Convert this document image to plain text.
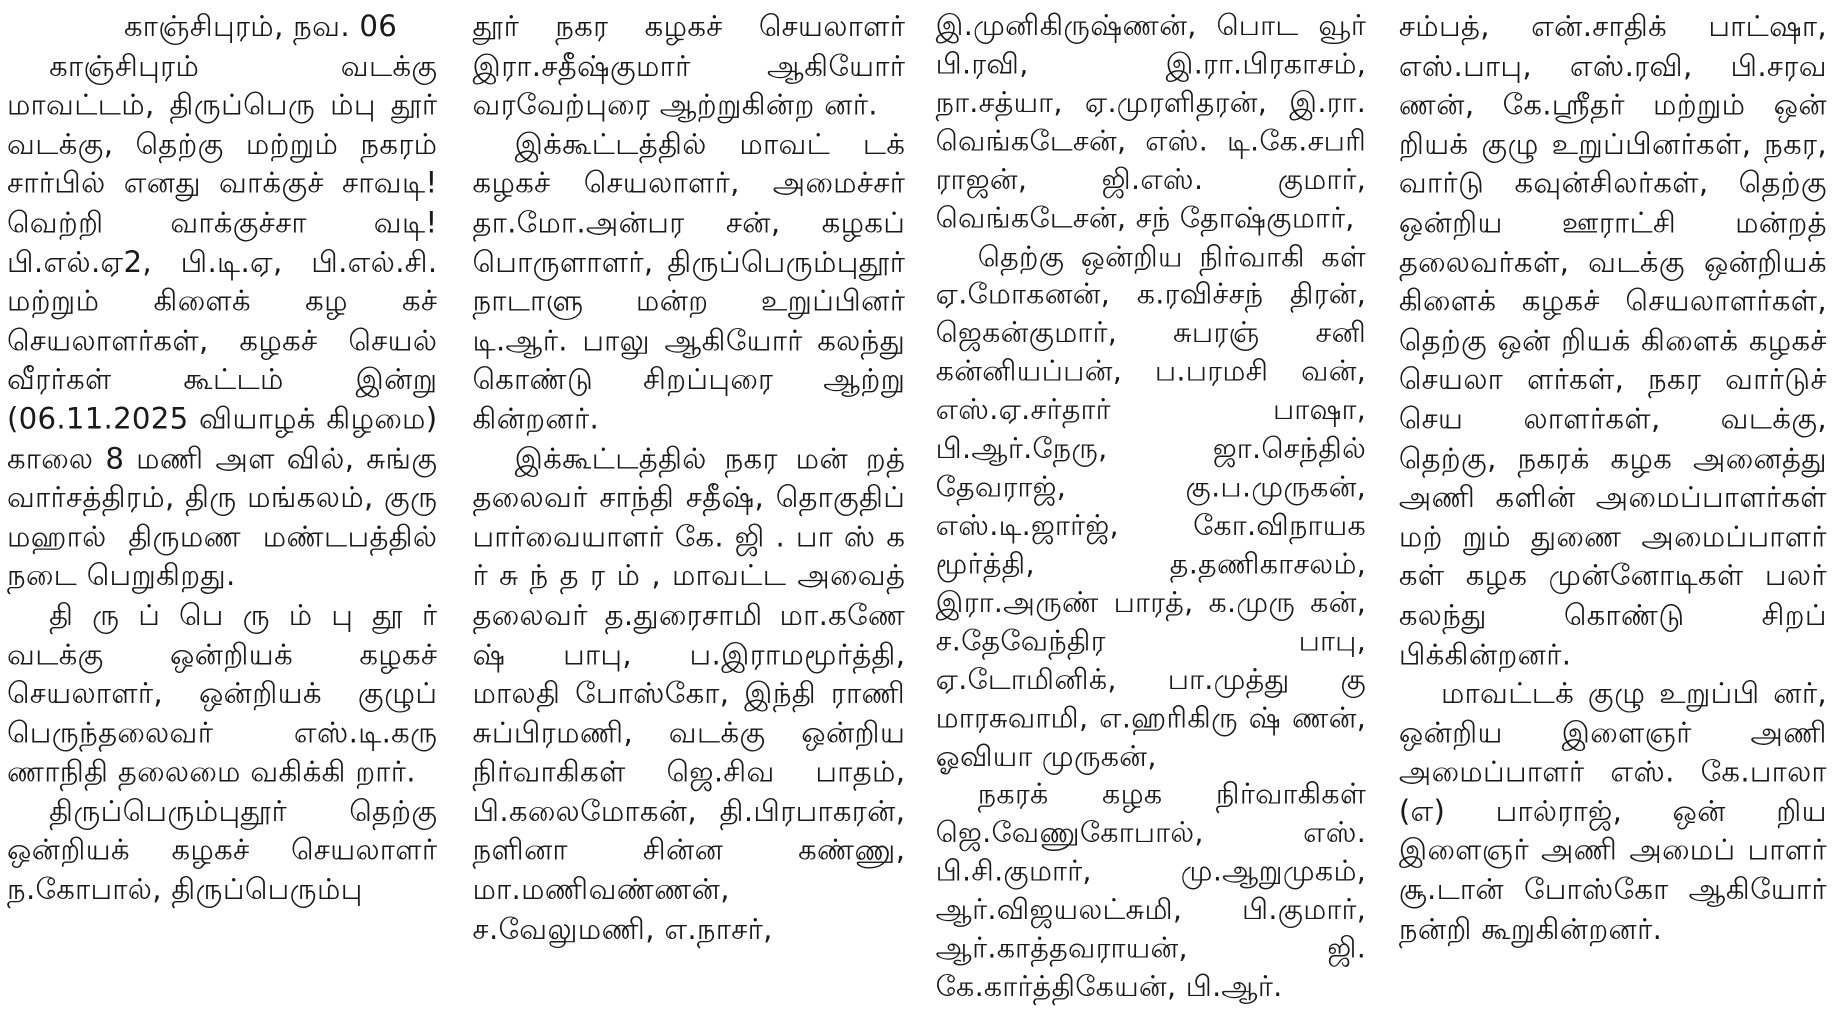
காஞ்சிபுரம், நவ. 06

காஞ்சிபுரம் வடக்கு மாவட்டம், திருப்பெரு ம்பு தூர் வடக்கு, தெற்கு மற்றும் நகரம் சார்பில் எனது வாக்குச் சாவடி! வெற்றி வாக்குச்சா வடி! பி.எல்.ஏ2, பி.டி.ஏ, பி.எல்.சி. மற்றும் கிளைக் கழ கச் செயலாளர்கள், கழகச் செயல் வீரர்கள் கூட்டம் இன்று (06.11.2025 வியாழக் கிழமை) காலை 8 மணி அள வில், சுங்கு வார்சத்திரம், திரு மங்கலம், குரு மஹால் திருமண மண்டபத்தில் நடை பெறுகிறது.

தி ரு ப் பெ ரு ம் பு தூ ர் வடக்கு ஒன்றியக் கழகச் செயலாளர், ஒன்றியக் குழுப் பெருந்தலைவர் எஸ்.டி.கரு ணாநிதி தலைமை வகிக்கி றார்.

திருப்பெரும்புதூர் தெற்கு ஒன்றியக் கழகச் செயலாளர் ந.கோபால், திருப்பெரும்பு

தூர் நகர கழகச் செயலாளர் இரா.சதீஷ்குமார் ஆகியோர் வரவேற்புரை ஆற்றுகின்ற னர்.

இக்கூட்டத்தில் மாவட் டக் கழகச் செயலாளர், அமைச்சர் தா.மோ.அன்பர சன், கழகப் பொருளாளர், திருப்பெரும்புதூர் நாடாளு மன்ற உறுப்பினர் டி.ஆர். பாலு ஆகியோர் கலந்து கொண்டு சிறப்புரை ஆற்று கின்றனர்.

இக்கூட்டத்தில் நகர மன் றத் தலைவர் சாந்தி சதீஷ், தொகுதிப் பார்வையாளர் கே. ஜி . பா ஸ் க ர் சு ந் த ர ம் , மாவட்ட அவைத் தலைவர் த.துரைசாமி மா.கணே ஷ் பாபு, ப.இராமமூர்த்தி, மாலதி போஸ்கோ, இந்தி ராணி சுப்பிரமணி, வடக்கு ஒன்றிய நிர்வாகிகள் ஜெ.சிவ பாதம், பி.கலைமோகன், தி.பிரபாகரன், நளினா சின்ன கண்ணு, மா.மணிவண்ணன், ச.வேலுமணி, எ.நாசர்,

இ.முனிகிருஷ்ணன், பொட வூர் பி.ரவி, இ.ரா.பிரகாசம், நா.சத்யா, ஏ.முரளிதரன், இ.ரா. வெங்கடேசன், எஸ். டி.கே.சபரி ராஜன், ஜி.எஸ். குமார், வெங்கடேசன், சந் தோஷ்குமார்,

தெற்கு ஒன்றிய நிர்வாகி கள் ஏ.மோகனன், க.ரவிச்சந் திரன், ஜெகன்குமார், சுபரஞ் சனி கன்னியப்பன், ப.பரமசி வன், எஸ்.ஏ.சர்தார் பாஷா, பி.ஆர்.நேரு, ஜா.செந்தில் தேவராஜ், கு.ப.முருகன், எஸ்.டி.ஜார்ஜ், கோ.விநாயக மூர்த்தி, த.தணிகாசலம், இரா.அருண் பாரத், க.முரு கன், ச.தேவேந்திர பாபு, ஏ.டோமினிக், பா.முத்து கு மாரசுவாமி, எ.ஹரிகிரு ஷ் ணன், ஓவியா முருகன்,

நகரக் கழக நிர்வாகிகள் ஜெ.வேணுகோபால், எஸ். பி.சி.குமார், மு.ஆறுமுகம், ஆர்.விஜயலட்சுமி, பி.குமார், ஆர்.காத்தவராயன், ஜி. கே.கார்த்திகேயன், பி.ஆர்.

சம்பத், என்.சாதிக் பாட்ஷா, எஸ்.பாபு, எஸ்.ரவி, பி.சரவ ணன், கே.ஸ்ரீதர் மற்றும் ஒன் றியக் குழு உறுப்பினர்கள், நகர, வார்டு கவுன்சிலர்கள், தெற்கு ஒன்றிய ஊராட்சி மன்றத் தலைவர்கள், வடக்கு ஒன்றியக் கிளைக் கழகச் செயலாளர்கள், தெற்கு ஒன் றியக் கிளைக் கழகச் செயலா ளர்கள், நகர வார்டுச் செய லாளர்கள், வடக்கு, தெற்கு, நகரக் கழக அனைத்து அணி களின் அமைப்பாளர்கள் மற் றும் துணை அமைப்பாளர் கள் கழக முன்னோடிகள் பலர் கலந்து கொண்டு சிறப் பிக்கின்றனர்.

மாவட்டக் குழு உறுப்பி னர், ஒன்றிய இளைஞர் அணி அமைப்பாளர் எஸ். கே.பாலா (எ) பால்ராஜ், ஒன் றிய இளைஞர் அணி அமைப் பாளர் சூ.டான் போஸ்கோ ஆகியோர் நன்றி கூறுகின்றனர்.
